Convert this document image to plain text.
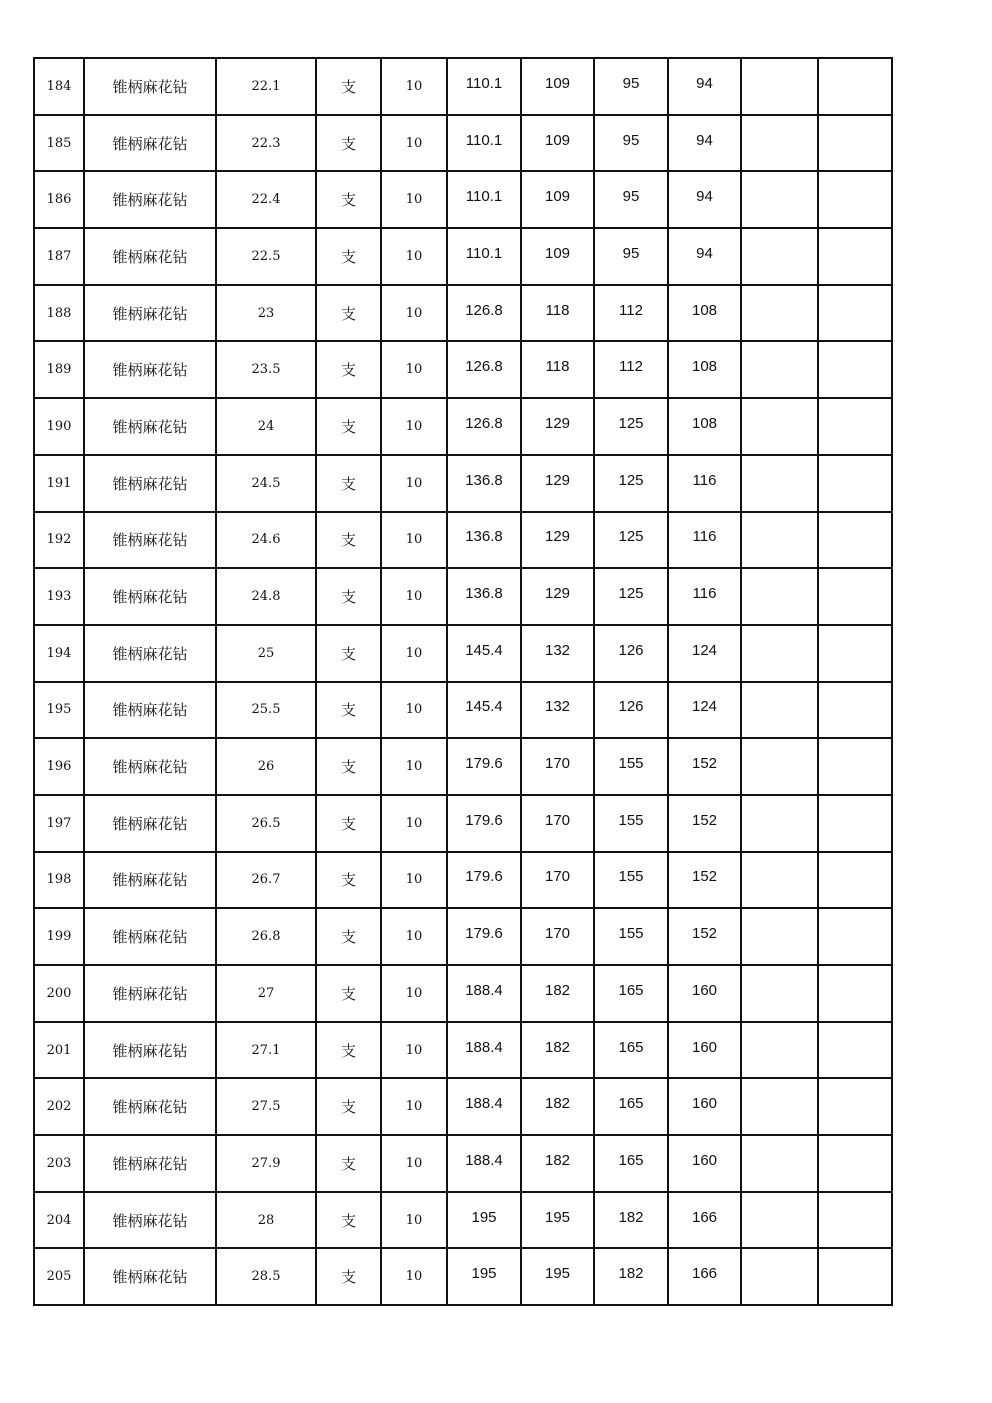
184	锥柄麻花钻	22.1	支	10	110.1	109	95	94		
185	锥柄麻花钻	22.3	支	10	110.1	109	95	94		
186	锥柄麻花钻	22.4	支	10	110.1	109	95	94		
187	锥柄麻花钻	22.5	支	10	110.1	109	95	94		
188	锥柄麻花钻	23	支	10	126.8	118	112	108		
189	锥柄麻花钻	23.5	支	10	126.8	118	112	108		
190	锥柄麻花钻	24	支	10	126.8	129	125	108		
191	锥柄麻花钻	24.5	支	10	136.8	129	125	116		
192	锥柄麻花钻	24.6	支	10	136.8	129	125	116		
193	锥柄麻花钻	24.8	支	10	136.8	129	125	116		
194	锥柄麻花钻	25	支	10	145.4	132	126	124		
195	锥柄麻花钻	25.5	支	10	145.4	132	126	124		
196	锥柄麻花钻	26	支	10	179.6	170	155	152		
197	锥柄麻花钻	26.5	支	10	179.6	170	155	152		
198	锥柄麻花钻	26.7	支	10	179.6	170	155	152		
199	锥柄麻花钻	26.8	支	10	179.6	170	155	152		
200	锥柄麻花钻	27	支	10	188.4	182	165	160		
201	锥柄麻花钻	27.1	支	10	188.4	182	165	160		
202	锥柄麻花钻	27.5	支	10	188.4	182	165	160		
203	锥柄麻花钻	27.9	支	10	188.4	182	165	160		
204	锥柄麻花钻	28	支	10	195	195	182	166		
205	锥柄麻花钻	28.5	支	10	195	195	182	166		
